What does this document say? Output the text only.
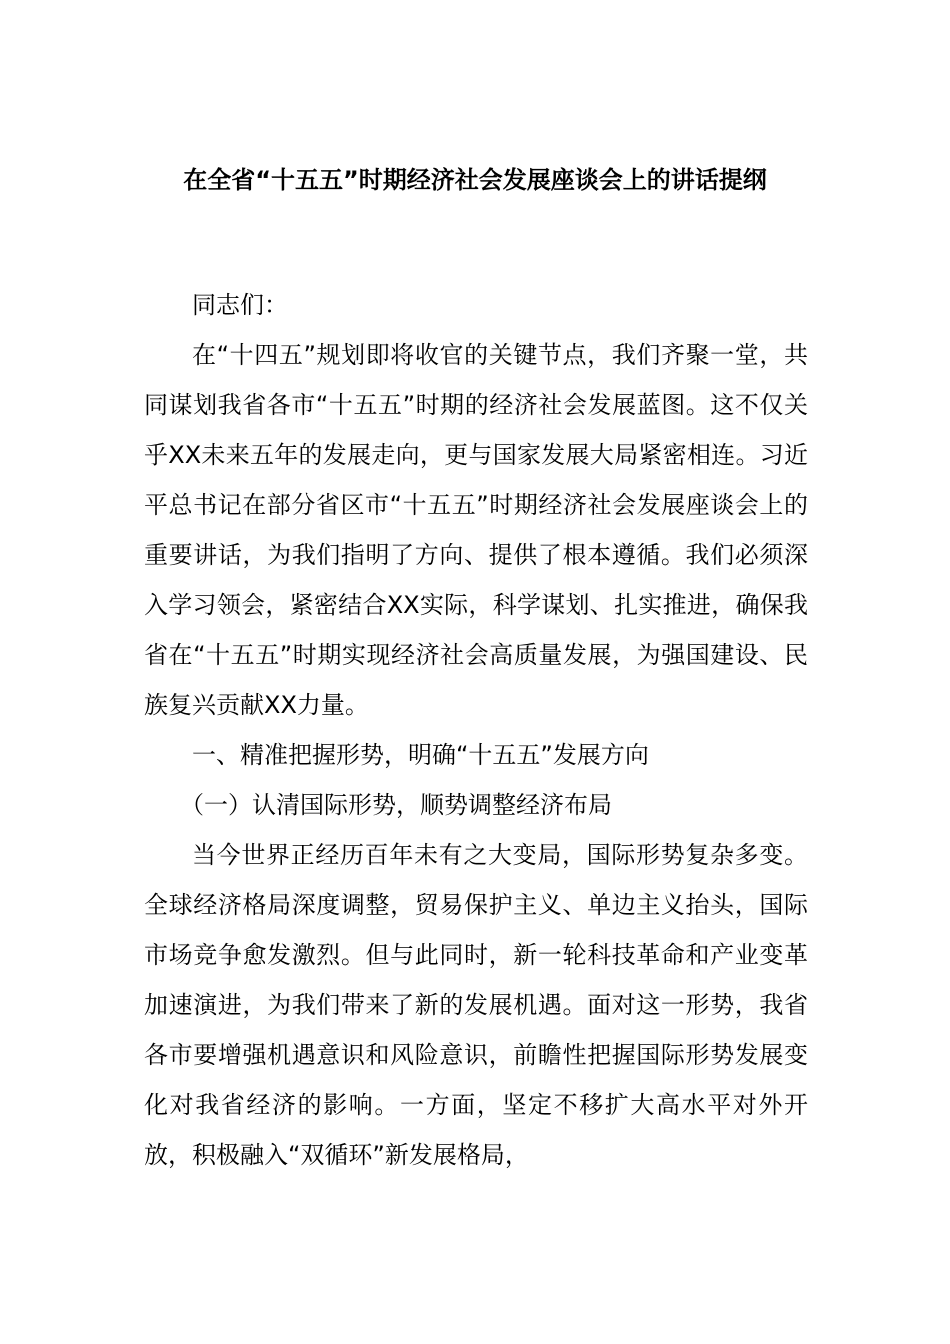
在全省“十五五”时期经济社会发展座谈会上的讲话提纲

同志们：

在“十四五”规划即将收官的关键节点，我们齐聚一堂，共同谋划我省各市“十五五”时期的经济社会发展蓝图。这不仅关乎XX未来五年的发展走向，更与国家发展大局紧密相连。习近平总书记在部分省区市“十五五”时期经济社会发展座谈会上的重要讲话，为我们指明了方向、提供了根本遵循。我们必须深入学习领会，紧密结合XX实际，科学谋划、扎实推进，确保我省在“十五五”时期实现经济社会高质量发展，为强国建设、民族复兴贡献XX力量。

一、精准把握形势，明确“十五五”发展方向

（一）认清国际形势，顺势调整经济布局

当今世界正经历百年未有之大变局，国际形势复杂多变。全球经济格局深度调整，贸易保护主义、单边主义抬头，国际市场竞争愈发激烈。但与此同时，新一轮科技革命和产业变革加速演进，为我们带来了新的发展机遇。面对这一形势，我省各市要增强机遇意识和风险意识，前瞻性把握国际形势发展变化对我省经济的影响。一方面，坚定不移扩大高水平对外开放，积极融入“双循环”新发展格局，
